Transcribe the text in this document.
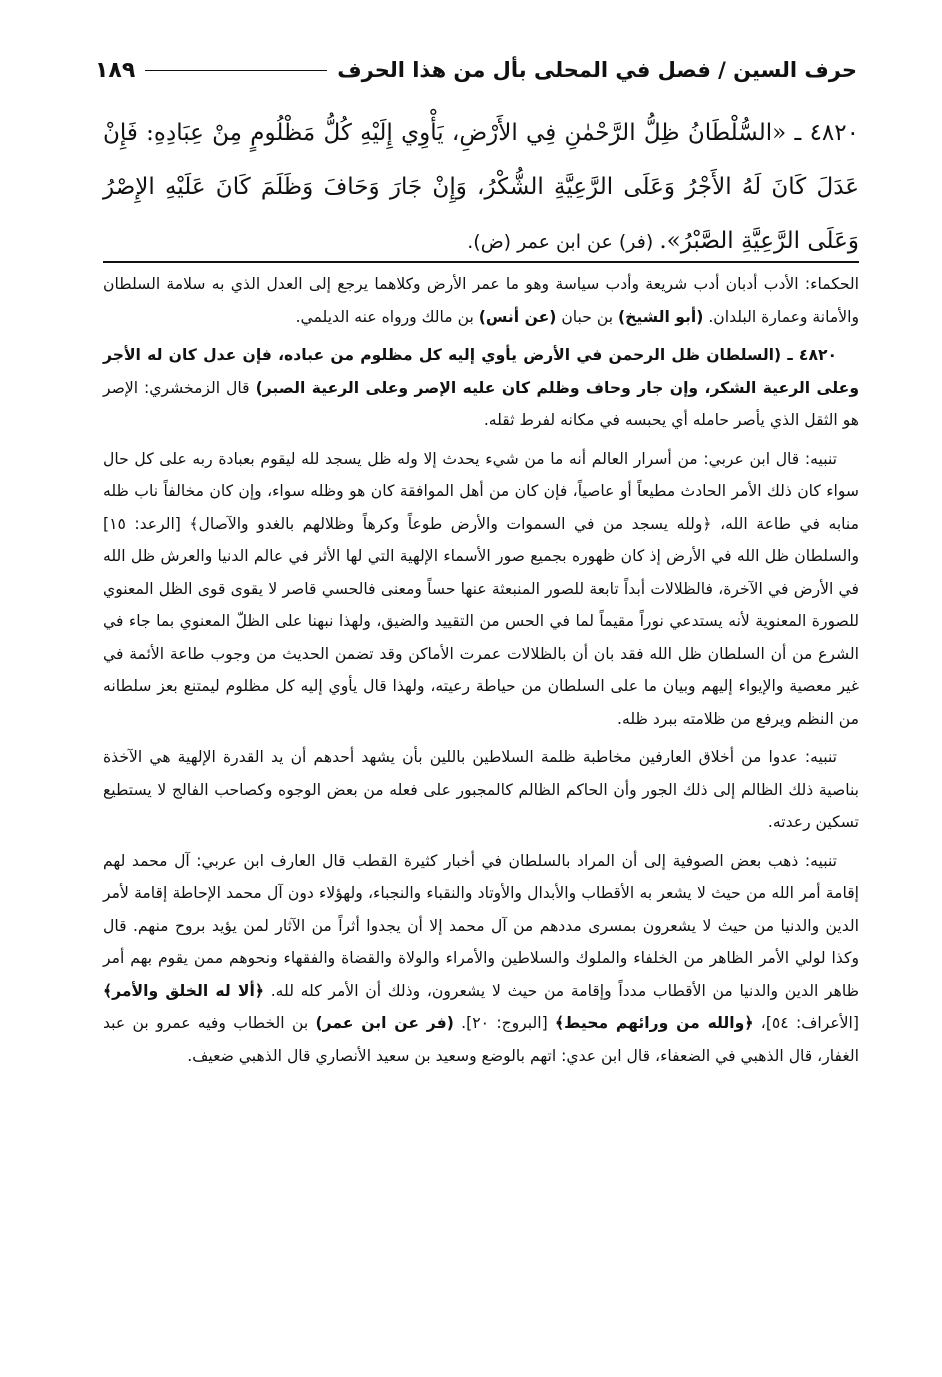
حرف السين / فصل في المحلى بأل من هذا الحرف
١٨٩
٤٨٢٠ ـ «السُّلْطَانُ ظِلُّ الرَّحْمٰنِ فِي الأَرْضِ، يَأْوِي إِلَيْهِ كُلُّ مَظْلُومٍ مِنْ عِبَادِهِ: فَإِنْ عَدَلَ كَانَ لَهُ الأَجْرُ وَعَلَى الرَّعِيَّةِ الشُّكْرُ، وَإِنْ جَارَ وَحَافَ وَظَلَمَ كَانَ عَلَيْهِ الإِصْرُ وَعَلَى الرَّعِيَّةِ الصَّبْرُ». (فر) عن ابن عمر (ض).

الحكماء: الأدب أدبان أدب شريعة وأدب سياسة وهو ما عمر الأرض وكلاهما يرجع إلى العدل الذي به سلامة السلطان والأمانة وعمارة البلدان. (أبو الشيخ) بن حبان (عن أنس) بن مالك ورواه عنه الديلمي.

٤٨٢٠ ـ (السلطان ظل الرحمن في الأرض يأوي إليه كل مظلوم من عباده، فإن عدل كان له الأجر وعلى الرعية الشكر، وإن جار وحاف وظلم كان عليه الإصر وعلى الرعية الصبر) قال الزمخشري: الإصر هو الثقل الذي يأصر حامله أي يحبسه في مكانه لفرط ثقله.

تنبيه: قال ابن عربي: من أسرار العالم أنه ما من شيء يحدث إلا وله ظل يسجد لله ليقوم بعبادة ربه على كل حال سواء كان ذلك الأمر الحادث مطيعاً أو عاصياً، فإن كان من أهل الموافقة كان هو وظله سواء، وإن كان مخالفاً ناب ظله منابه في طاعة الله، ﴿ولله يسجد من في السموات والأرض طوعاً وكرهاً وظلالهم بالغدو والآصال﴾ [الرعد: ١٥] والسلطان ظل الله في الأرض إذ كان ظهوره بجميع صور الأسماء الإلهية التي لها الأثر في عالم الدنيا والعرش ظل الله في الأرض في الآخرة، فالظلالات أبداً تابعة للصور المنبعثة عنها حساً ومعنى فالحسي قاصر لا يقوى قوى الظل المعنوي للصورة المعنوية لأنه يستدعي نوراً مقيماً لما في الحس من التقييد والضيق، ولهذا نبهنا على الظلّ المعنوي بما جاء في الشرع من أن السلطان ظل الله فقد بان أن بالظلالات عمرت الأماكن وقد تضمن الحديث من وجوب طاعة الأئمة في غير معصية والإيواء إليهم وبيان ما على السلطان من حياطة رعيته، ولهذا قال يأوي إليه كل مظلوم ليمتنع بعز سلطانه من النظم ويرفع من ظلامته ببرد ظله.

تنبيه: عدوا من أخلاق العارفين مخاطبة ظلمة السلاطين باللين بأن يشهد أحدهم أن يد القدرة الإلهية هي الآخذة بناصية ذلك الظالم إلى ذلك الجور وأن الحاكم الظالم كالمجبور على فعله من بعض الوجوه وكصاحب الفالج لا يستطيع تسكين رعدته.

تنبيه: ذهب بعض الصوفية إلى أن المراد بالسلطان في أخبار كثيرة القطب قال العارف ابن عربي: آل محمد لهم إقامة أمر الله من حيث لا يشعر به الأقطاب والأبدال والأوتاد والنقباء والنجباء، ولهؤلاء دون آل محمد الإحاطة إقامة لأمر الدين والدنيا من حيث لا يشعرون بمسرى مددهم من آل محمد إلا أن يجدوا أثراً من الآثار لمن يؤيد بروح منهم. قال وكذا لولي الأمر الظاهر من الخلفاء والملوك والسلاطين والأمراء والولاة والقضاة والفقهاء ونحوهم ممن يقوم بهم أمر ظاهر الدين والدنيا من الأقطاب مدداً وإقامة من حيث لا يشعرون، وذلك أن الأمر كله لله. ﴿ألا له الخلق والأمر﴾ [الأعراف: ٥٤]، ﴿والله من ورائهم محيط﴾ [البروج: ٢٠]. (فر عن ابن عمر) بن الخطاب وفيه عمرو بن عبد الغفار، قال الذهبي في الضعفاء، قال ابن عدي: اتهم بالوضع وسعيد بن سعيد الأنصاري قال الذهبي ضعيف.
